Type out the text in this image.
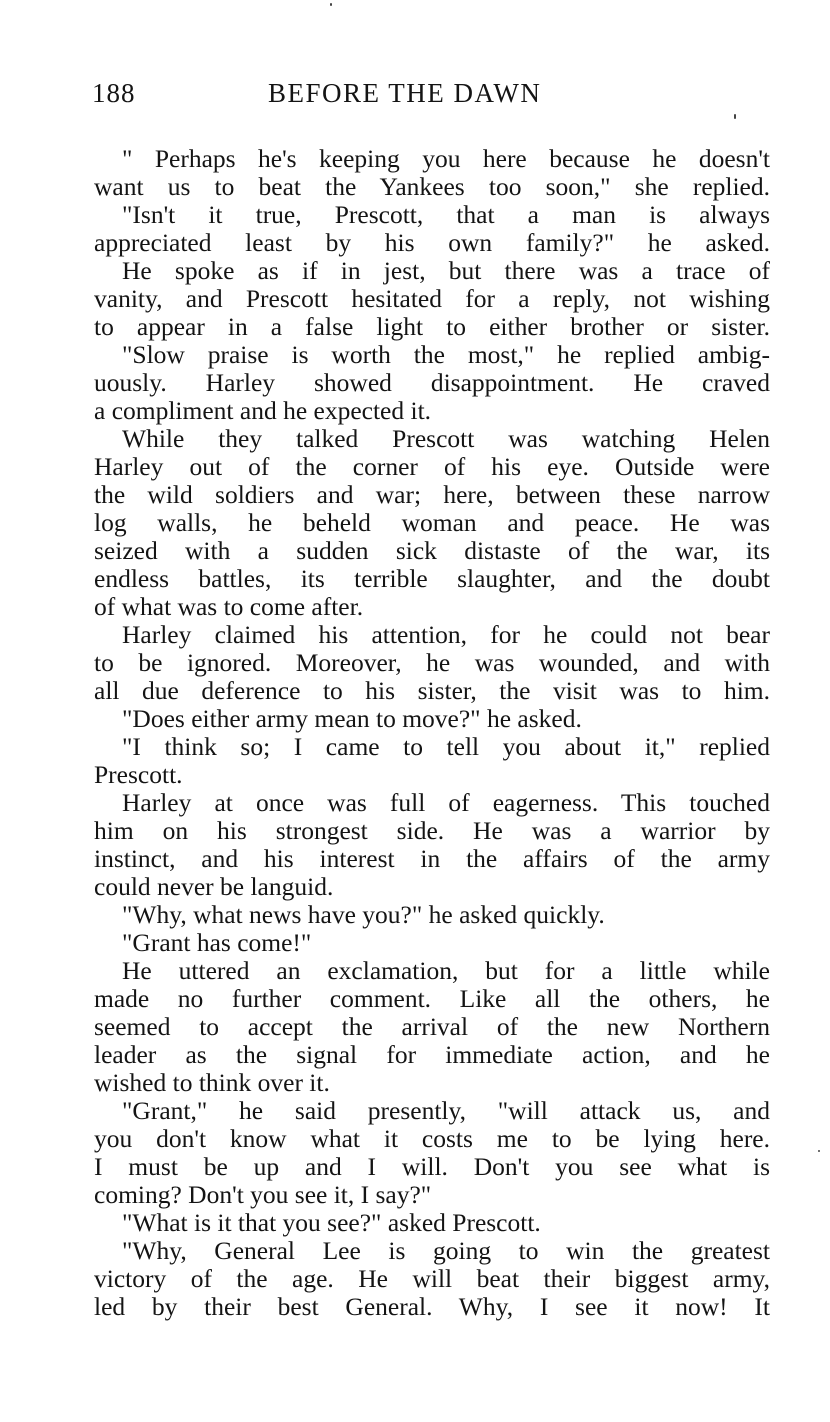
188	BEFORE THE DAWN
" Perhaps he's keeping you here because he doesn't
want us to beat the Yankees too soon," she replied.
"Isn't it true, Prescott, that a man is always
appreciated least by his own family?" he asked.
He spoke as if in jest, but there was a trace of
vanity, and Prescott hesitated for a reply, not wishing
to appear in a false light to either brother or sister.
"Slow praise is worth the most," he replied ambig-
uously. Harley showed disappointment. He craved
a compliment and he expected it.
While they talked Prescott was watching Helen
Harley out of the corner of his eye. Outside were
the wild soldiers and war; here, between these narrow
log walls, he beheld woman and peace. He was
seized with a sudden sick distaste of the war, its
endless battles, its terrible slaughter, and the doubt
of what was to come after.
Harley claimed his attention, for he could not bear
to be ignored. Moreover, he was wounded, and with
all due deference to his sister, the visit was to him.
"Does either army mean to move?" he asked.
"I think so; I came to tell you about it," replied
Prescott.
Harley at once was full of eagerness. This touched
him on his strongest side. He was a warrior by
instinct, and his interest in the affairs of the army
could never be languid.
"Why, what news have you?" he asked quickly.
"Grant has come!"
He uttered an exclamation, but for a little while
made no further comment. Like all the others, he
seemed to accept the arrival of the new Northern
leader as the signal for immediate action, and he
wished to think over it.
"Grant," he said presently, "will attack us, and
you don't know what it costs me to be lying here.
I must be up and I will. Don't you see what is
coming? Don't you see it, I say?"
"What is it that you see?" asked Prescott.
"Why, General Lee is going to win the greatest
victory of the age. He will beat their biggest army,
led by their best General. Why, I see it now! It
